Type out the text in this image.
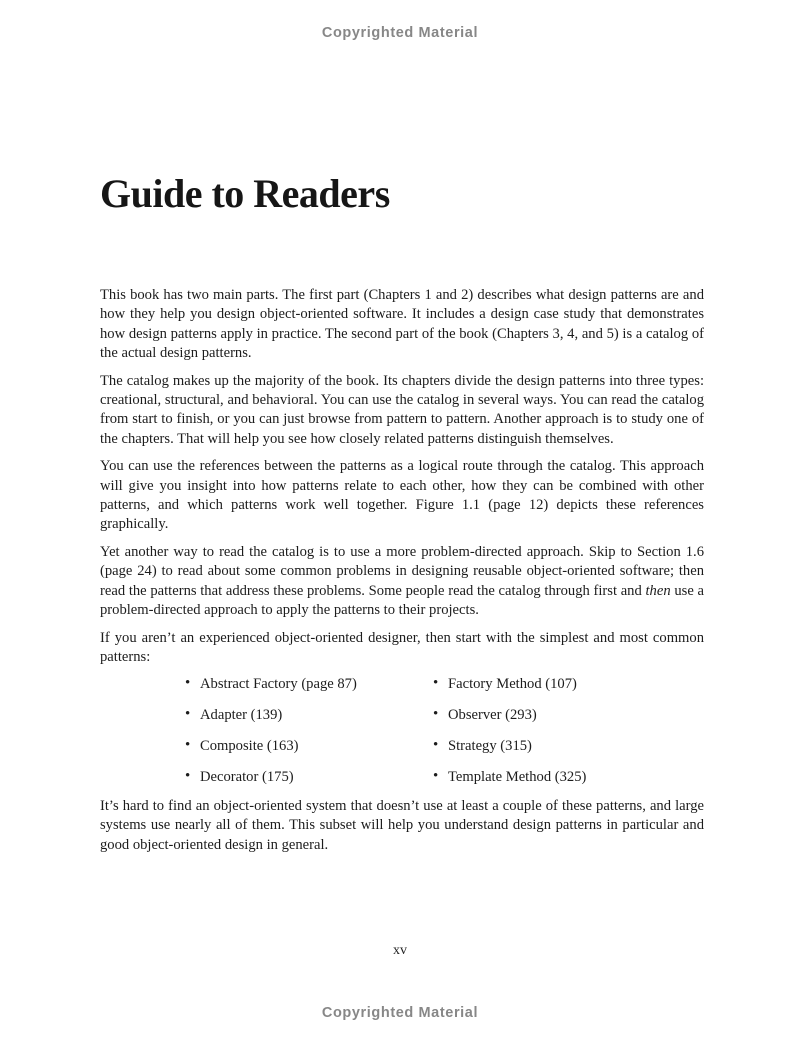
Copyrighted Material
Guide to Readers

This book has two main parts. The first part (Chapters 1 and 2) describes what design patterns are and how they help you design object-oriented software. It includes a design case study that demonstrates how design patterns apply in practice. The second part of the book (Chapters 3, 4, and 5) is a catalog of the actual design patterns.

The catalog makes up the majority of the book. Its chapters divide the design patterns into three types: creational, structural, and behavioral. You can use the catalog in several ways. You can read the catalog from start to finish, or you can just browse from pattern to pattern. Another approach is to study one of the chapters. That will help you see how closely related patterns distinguish themselves.

You can use the references between the patterns as a logical route through the catalog. This approach will give you insight into how patterns relate to each other, how they can be combined with other patterns, and which patterns work well together. Figure 1.1 (page 12) depicts these references graphically.

Yet another way to read the catalog is to use a more problem-directed approach. Skip to Section 1.6 (page 24) to read about some common problems in designing reusable object-oriented software; then read the patterns that address these problems. Some people read the catalog through first and then use a problem-directed approach to apply the patterns to their projects.

If you aren’t an experienced object-oriented designer, then start with the simplest and most common patterns:

• Abstract Factory (page 87)
• Adapter (139)
• Composite (163)
• Decorator (175)
• Factory Method (107)
• Observer (293)
• Strategy (315)
• Template Method (325)

It’s hard to find an object-oriented system that doesn’t use at least a couple of these patterns, and large systems use nearly all of them. This subset will help you understand design patterns in particular and good object-oriented design in general.

xv
Copyrighted Material
